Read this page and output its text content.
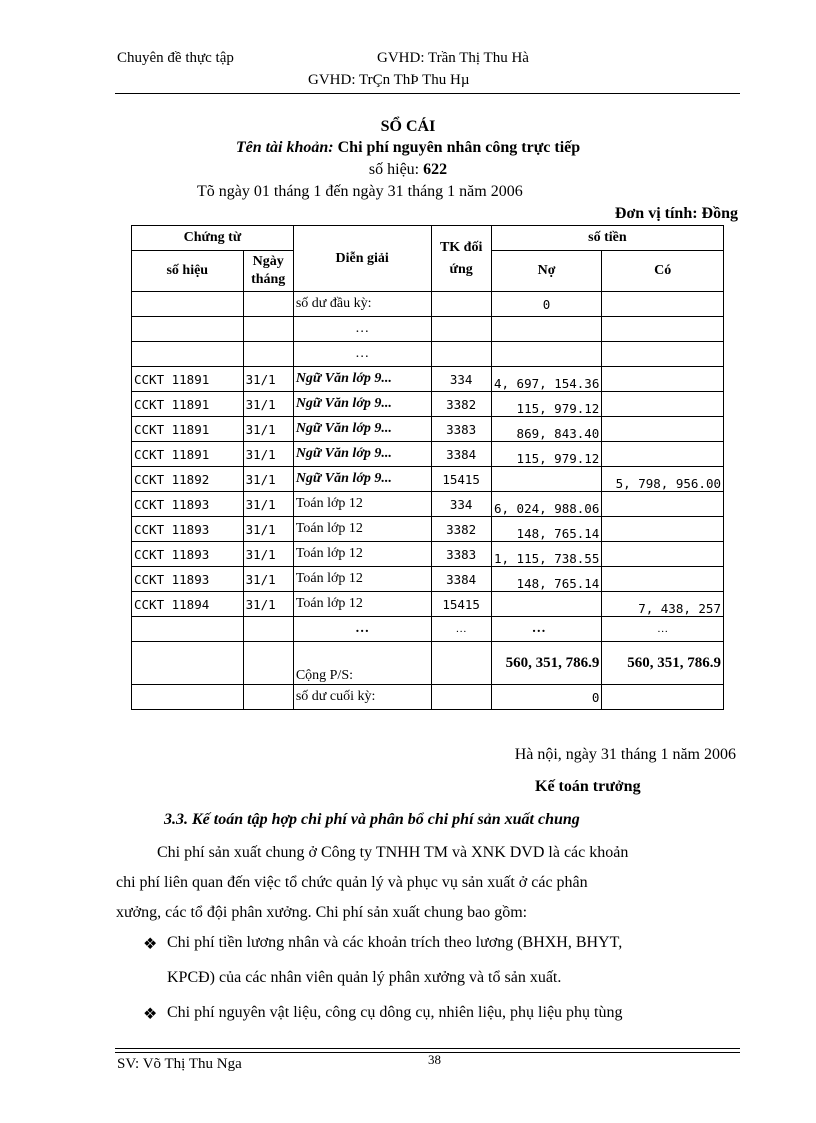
Chuyên đề thực tập	GVHD: Trần Thị Thu Hà
GVHD: TrÇn ThÞ Thu Hµ
SỔ CÁI
Tên tài khoản: Chi phí nguyên nhân công trực tiếp
số hiệu: 622
Tõ ngày 01 tháng 1 đến ngày 31 tháng 1 năm 2006
Đơn vị tính: Đồng
Chứng từ		Diễn giải	TK đối ứng	số tiền	
số hiệu	Ngày tháng			Nợ	Có
		số dư đầu kỳ:		0	
		…			
		…			
CCKT 11891	31/1	Ngữ Văn lớp 9...	334	4, 697, 154.36	
CCKT 11891	31/1	Ngữ Văn lớp 9...	3382	115, 979.12	
CCKT 11891	31/1	Ngữ Văn lớp 9...	3383	869, 843.40	
CCKT 11891	31/1	Ngữ Văn lớp 9...	3384	115, 979.12	
CCKT 11892	31/1	Ngữ Văn lớp 9...	15415		5, 798, 956.00
CCKT 11893	31/1	Toán lớp 12	334	6, 024, 988.06	
CCKT 11893	31/1	Toán lớp 12	3382	148, 765.14	
CCKT 11893	31/1	Toán lớp 12	3383	1, 115, 738.55	
CCKT 11893	31/1	Toán lớp 12	3384	148, 765.14	
CCKT 11894	31/1	Toán lớp 12	15415		7, 438, 257
		…	…	…	…
		Cộng P/S:		560, 351, 786.9	560, 351, 786.9
		số dư cuối kỳ:		0	
Hà nội, ngày 31 tháng 1 năm 2006
Kế toán trưởng
3.3. Kế toán tập hợp chi phí và phân bổ chi phí sản xuất chung
Chi phí sản xuất chung ở Công ty TNHH TM và XNK DVD là các khoản
chi phí liên quan đến việc tổ chức quản lý và phục vụ sản xuất ở các phân
xưởng, các tổ đội phân xưởng. Chi phí sản xuất chung bao gồm:
❖ Chi phí tiền lương nhân và các khoản trích theo lương (BHXH, BHYT,
KPCĐ) của các nhân viên quản lý phân xưởng và tổ sản xuất.
❖ Chi phí nguyên vật liệu, công cụ dông cụ, nhiên liệu, phụ liệu phụ tùng
SV: Võ Thị Thu Nga	38
